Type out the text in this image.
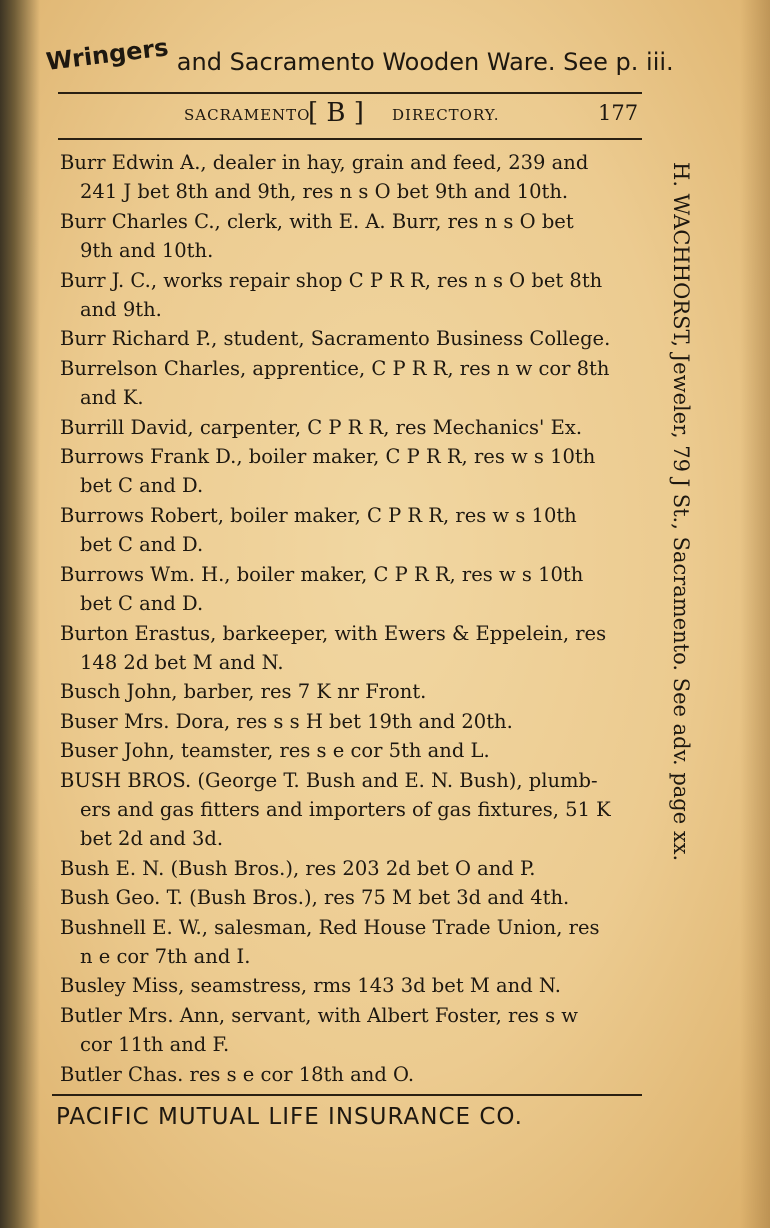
Wringers and Sacramento Wooden Ware. See p. iii.
SACRAMENTO
[ B ] DIRECTORY.	177
Burr Edwin A., dealer in hay, grain and feed, 239 and
241 J bet 8th and 9th, res n s O bet 9th and 10th.
Burr Charles C., clerk, with E. A. Burr, res n s O bet
9th and 10th.
Burr J. C., works repair shop C P R R, res n s O bet 8th
and 9th.
Burr Richard P., student, Sacramento Business College.
Burrelson Charles, apprentice, C P R R, res n w cor 8th
and K.
Burrill David, carpenter, C P R R, res Mechanics' Ex.
Burrows Frank D., boiler maker, C P R R, res w s 10th
bet C and D.
Burrows Robert, boiler maker, C P R R, res w s 10th
bet C and D.
Burrows Wm. H., boiler maker, C P R R, res w s 10th
bet C and D.
Burton Erastus, barkeeper, with Ewers & Eppelein, res
148 2d bet M and N.
Busch John, barber, res 7 K nr Front.
Buser Mrs. Dora, res s s H bet 19th and 20th.
Buser John, teamster, res s e cor 5th and L.
BUSH BROS. (George T. Bush and E. N. Bush), plumb-
ers and gas fitters and importers of gas fixtures, 51 K
bet 2d and 3d.
Bush E. N. (Bush Bros.), res 203 2d bet O and P.
Bush Geo. T. (Bush Bros.), res 75 M bet 3d and 4th.
Bushnell E. W., salesman, Red House Trade Union, res
n e cor 7th and I.
Busley Miss, seamstress, rms 143 3d bet M and N.
Butler Mrs. Ann, servant, with Albert Foster, res s w
cor 11th and F.
Butler Chas. res s e cor 18th and O.
PACIFIC MUTUAL LIFE INSURANCE CO.
H. WACHHORST, Jeweler, 79 J St., Sacramento. See adv. page xx.
